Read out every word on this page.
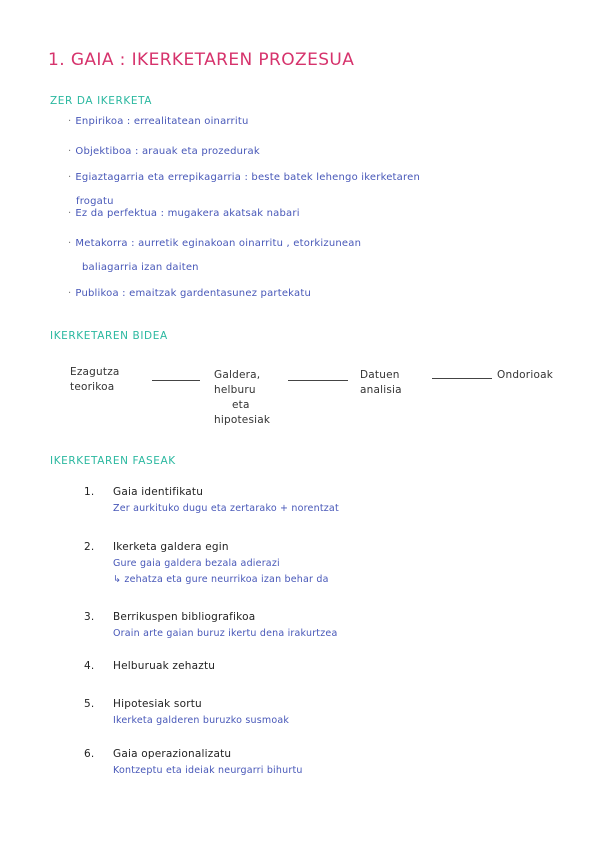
1. GAIA : IKERKETAREN PROZESUA
ZER DA IKERKETA
· Enpirikoa : errealitatean oinarritu
· Objektiboa : arauak eta prozedurak
· Egiaztagarria eta errepikagarria : beste batek lehengo ikerketaren
frogatu
· Ez da perfektua : mugakera akatsak nabari
· Metakorra : aurretik eginakoan oinarritu , etorkizunean
baliagarria izan daiten
· Publikoa : emaitzak gardentasunez partekatu
IKERKETAREN BIDEA
Ezagutza
teorikoa
Galdera,
helburu
eta
hipotesiak
Datuen
analisia
Ondorioak
IKERKETAREN FASEAK
1. Gaia identifikatu
Zer aurkituko dugu eta zertarako + norentzat
2. Ikerketa galdera egin
Gure gaia galdera bezala adierazi
↳ zehatza eta gure neurrikoa izan behar da
3. Berrikuspen bibliografikoa
Orain arte gaian buruz ikertu dena irakurtzea
4. Helburuak zehaztu
5. Hipotesiak sortu
Ikerketa galderen buruzko susmoak
6. Gaia operazionalizatu
Kontzeptu eta ideiak neurgarri bihurtu
